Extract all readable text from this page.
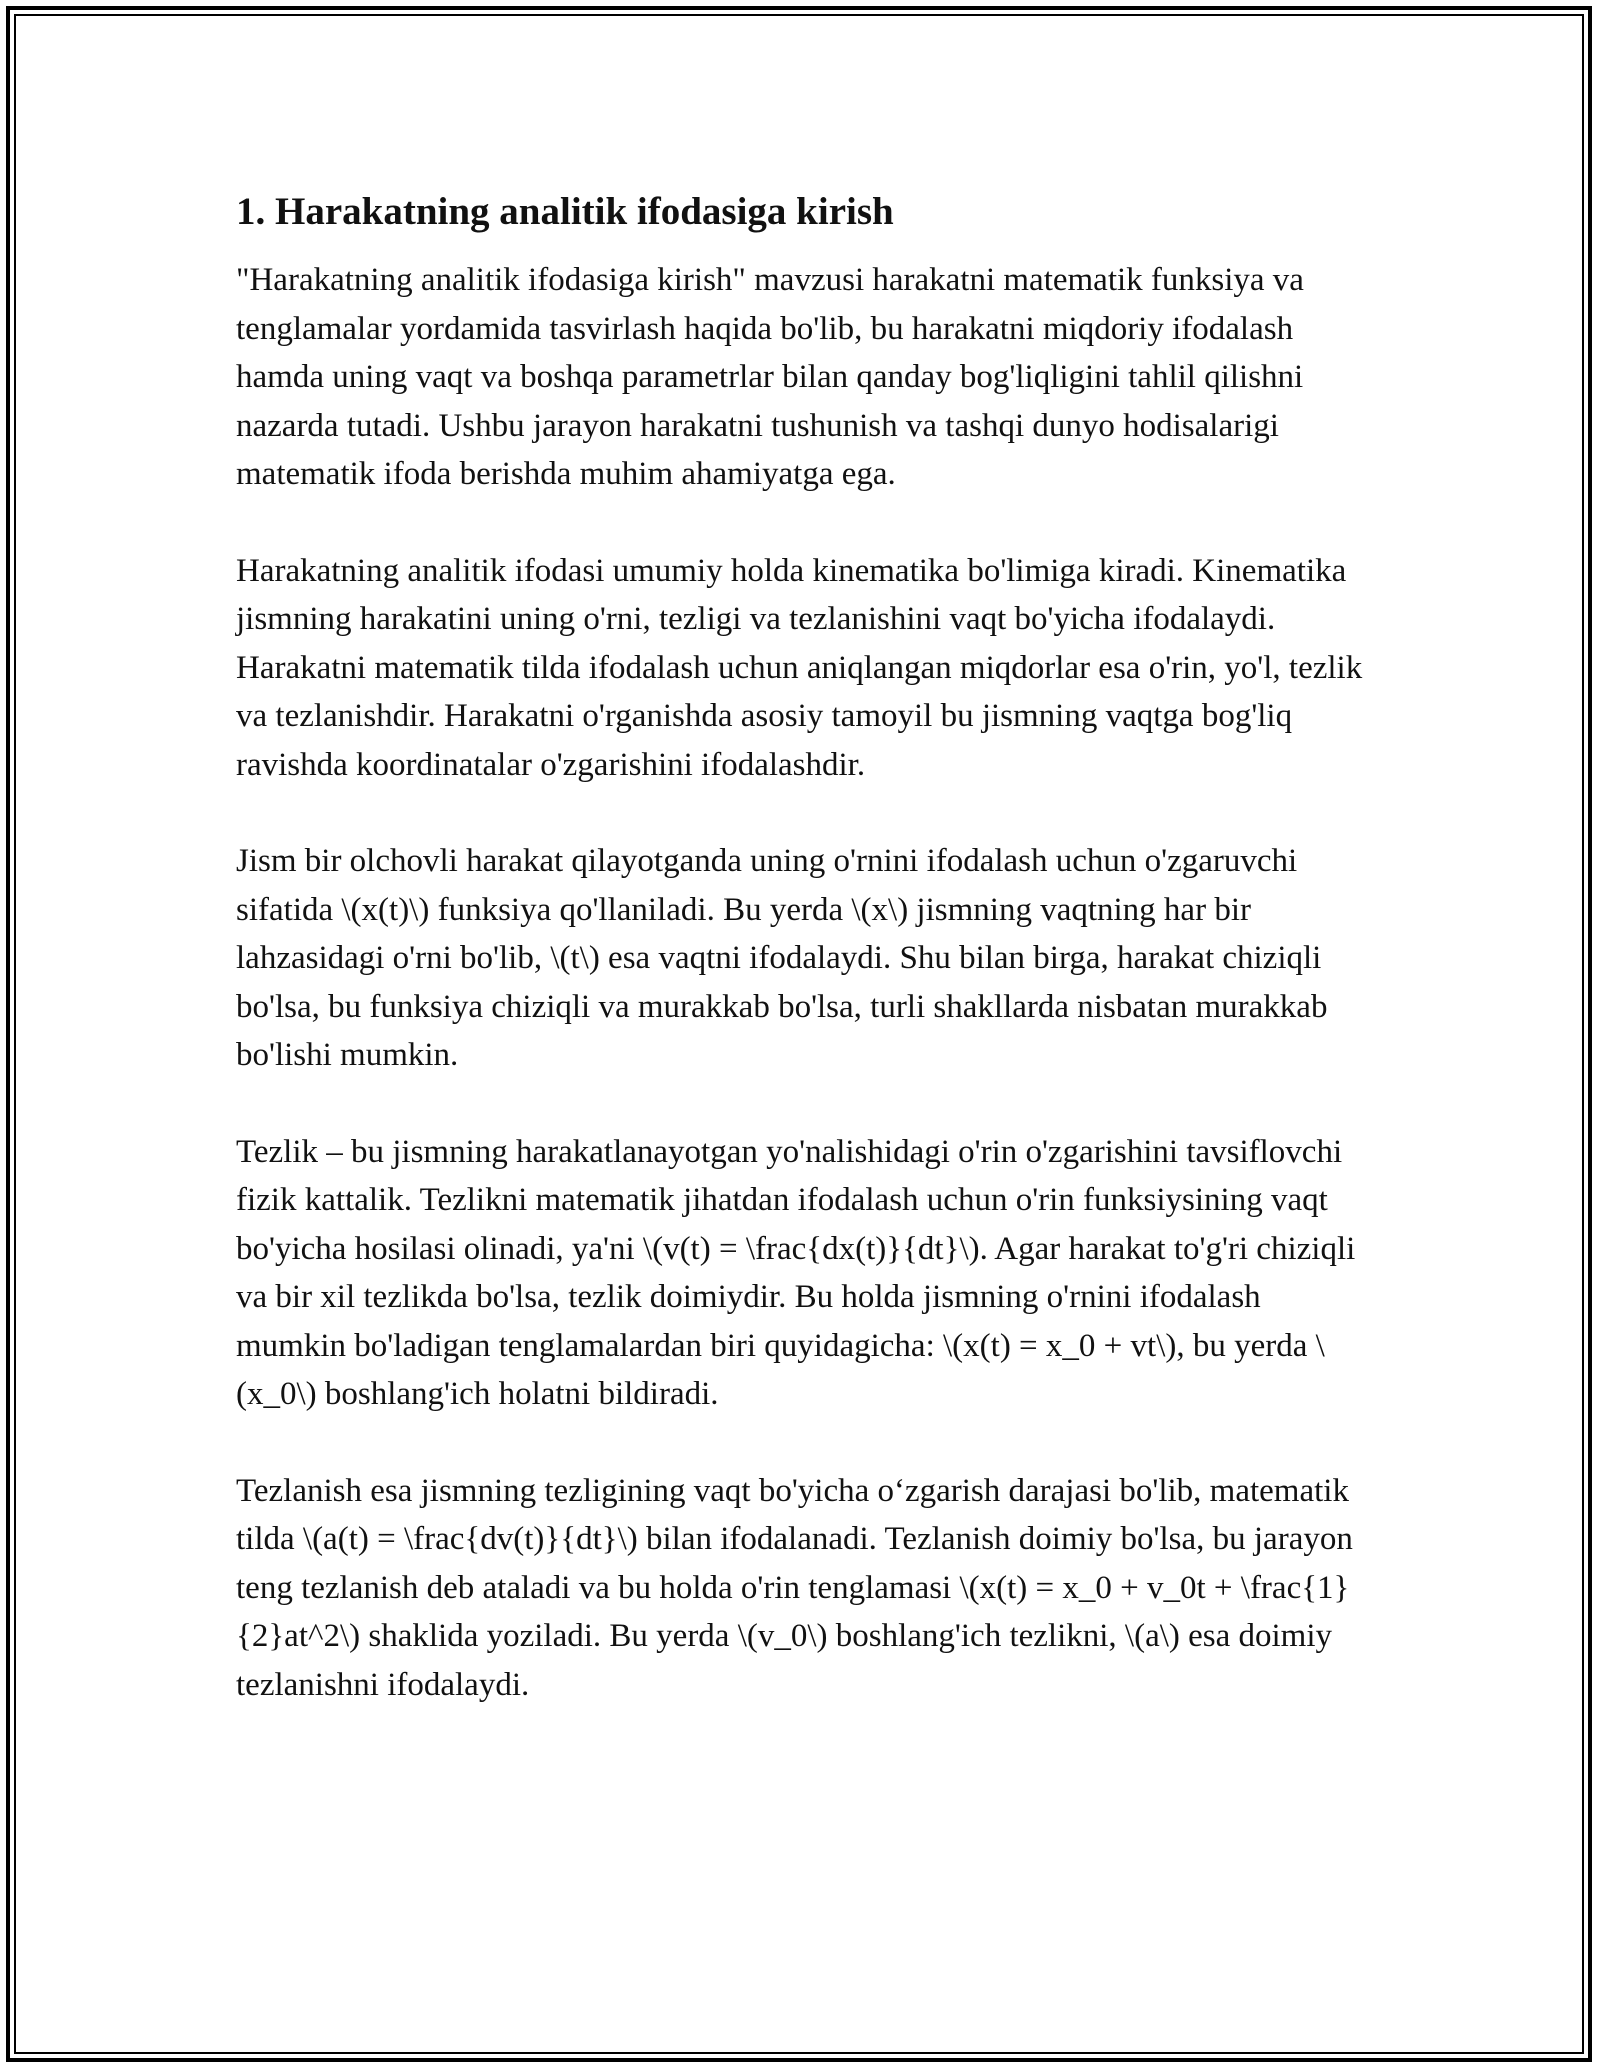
1. Harakatning analitik ifodasiga kirish

"Harakatning analitik ifodasiga kirish" mavzusi harakatni matematik funksiya va tenglamalar yordamida tasvirlash haqida bo'lib, bu harakatni miqdoriy ifodalash hamda uning vaqt va boshqa parametrlar bilan qanday bog'liqligini tahlil qilishni nazarda tutadi. Ushbu jarayon harakatni tushunish va tashqi dunyo hodisalarigi matematik ifoda berishda muhim ahamiyatga ega.

Harakatning analitik ifodasi umumiy holda kinematika bo'limiga kiradi. Kinematika jismning harakatini uning o'rni, tezligi va tezlanishini vaqt bo'yicha ifodalaydi. Harakatni matematik tilda ifodalash uchun aniqlangan miqdorlar esa o'rin, yo'l, tezlik va tezlanishdir. Harakatni o'rganishda asosiy tamoyil bu jismning vaqtga bog'liq ravishda koordinatalar o'zgarishini ifodalashdir.

Jism bir olchovli harakat qilayotganda uning o'rnini ifodalash uchun o'zgaruvchi sifatida \(x(t)\) funksiya qo'llaniladi. Bu yerda \(x\) jismning vaqtning har bir lahzasidagi o'rni bo'lib, \(t\) esa vaqtni ifodalaydi. Shu bilan birga, harakat chiziqli bo'lsa, bu funksiya chiziqli va murakkab bo'lsa, turli shakllarda nisbatan murakkab bo'lishi mumkin.

Tezlik – bu jismning harakatlanayotgan yo'nalishidagi o'rin o'zgarishini tavsiflovchi fizik kattalik. Tezlikni matematik jihatdan ifodalash uchun o'rin funksiysining vaqt bo'yicha hosilasi olinadi, ya'ni \(v(t) = \frac{dx(t)}{dt}\). Agar harakat to'g'ri chiziqli va bir xil tezlikda bo'lsa, tezlik doimiydir. Bu holda jismning o'rnini ifodalash mumkin bo'ladigan tenglamalardan biri quyidagicha: \(x(t) = x_0 + vt\), bu yerda \(x_0\) boshlang'ich holatni bildiradi.

Tezlanish esa jismning tezligining vaqt bo'yicha o‘zgarish darajasi bo'lib, matematik tilda \(a(t) = \frac{dv(t)}{dt}\) bilan ifodalanadi. Tezlanish doimiy bo'lsa, bu jarayon teng tezlanish deb ataladi va bu holda o'rin tenglamasi \(x(t) = x_0 + v_0t + \frac{1}{2}at^2\) shaklida yoziladi. Bu yerda \(v_0\) boshlang'ich tezlikni, \(a\) esa doimiy tezlanishni ifodalaydi.
